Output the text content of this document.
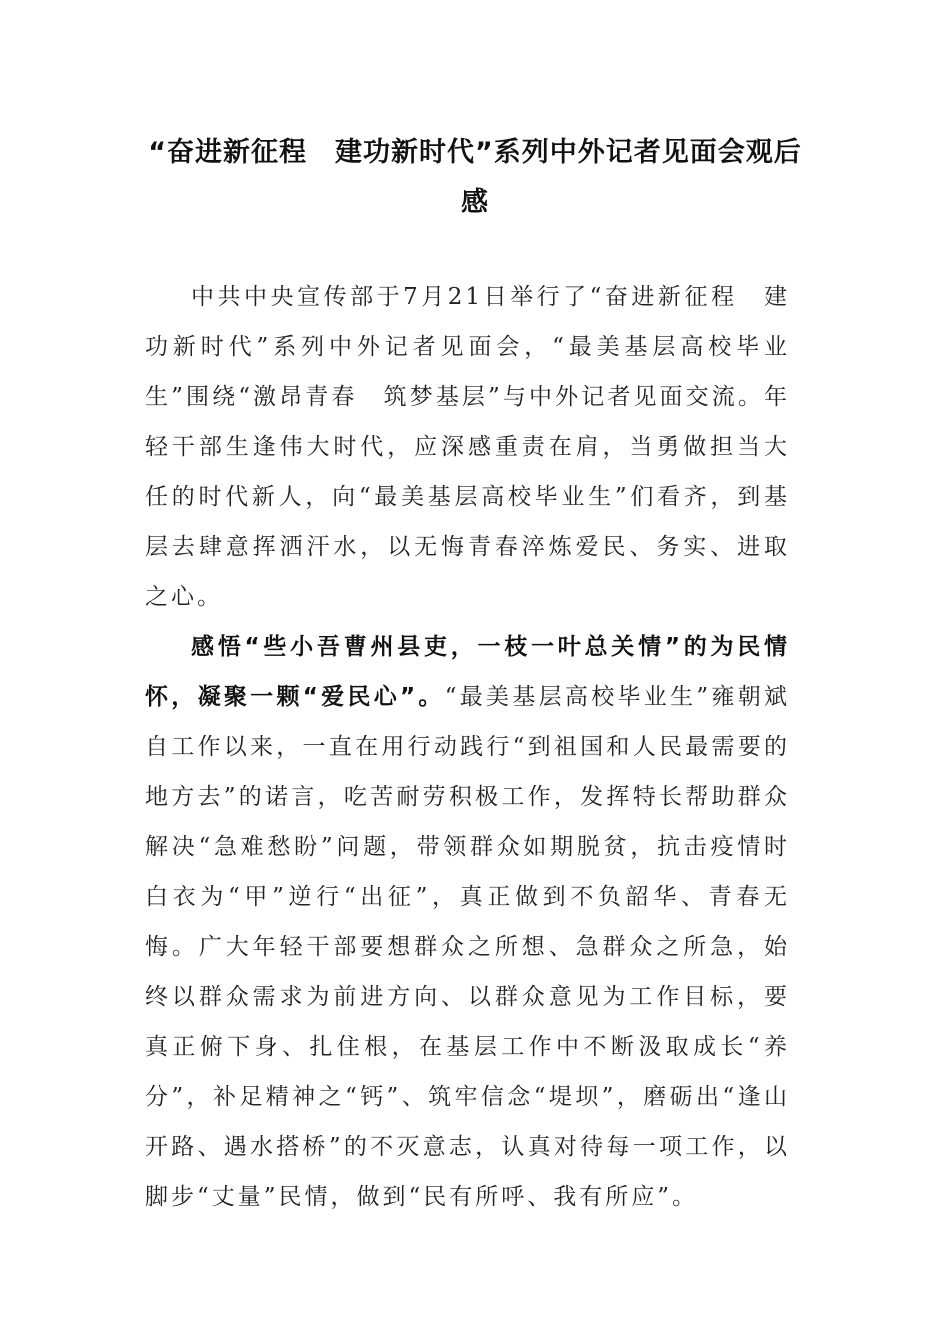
“奋进新征程　建功新时代”系列中外记者见面会观后感

中共中央宣传部于7月21日举行了“奋进新征程　建功新时代”系列中外记者见面会，“最美基层高校毕业生”围绕“激昂青春　筑梦基层”与中外记者见面交流。年轻干部生逢伟大时代，应深感重责在肩，当勇做担当大任的时代新人，向“最美基层高校毕业生”们看齐，到基层去肆意挥洒汗水，以无悔青春淬炼爱民、务实、进取之心。

感悟“些小吾曹州县吏，一枝一叶总关情”的为民情怀，凝聚一颗“爱民心”。“最美基层高校毕业生”雍朝斌自工作以来，一直在用行动践行“到祖国和人民最需要的地方去”的诺言，吃苦耐劳积极工作，发挥特长帮助群众解决“急难愁盼”问题，带领群众如期脱贫，抗击疫情时白衣为“甲”逆行“出征”，真正做到不负韶华、青春无悔。广大年轻干部要想群众之所想、急群众之所急，始终以群众需求为前进方向、以群众意见为工作目标，要真正俯下身、扎住根，在基层工作中不断汲取成长“养分”，补足精神之“钙”、筑牢信念“堤坝”，磨砺出“逢山开路、遇水搭桥”的不灭意志，认真对待每一项工作，以脚步“丈量”民情，做到“民有所呼、我有所应”。
